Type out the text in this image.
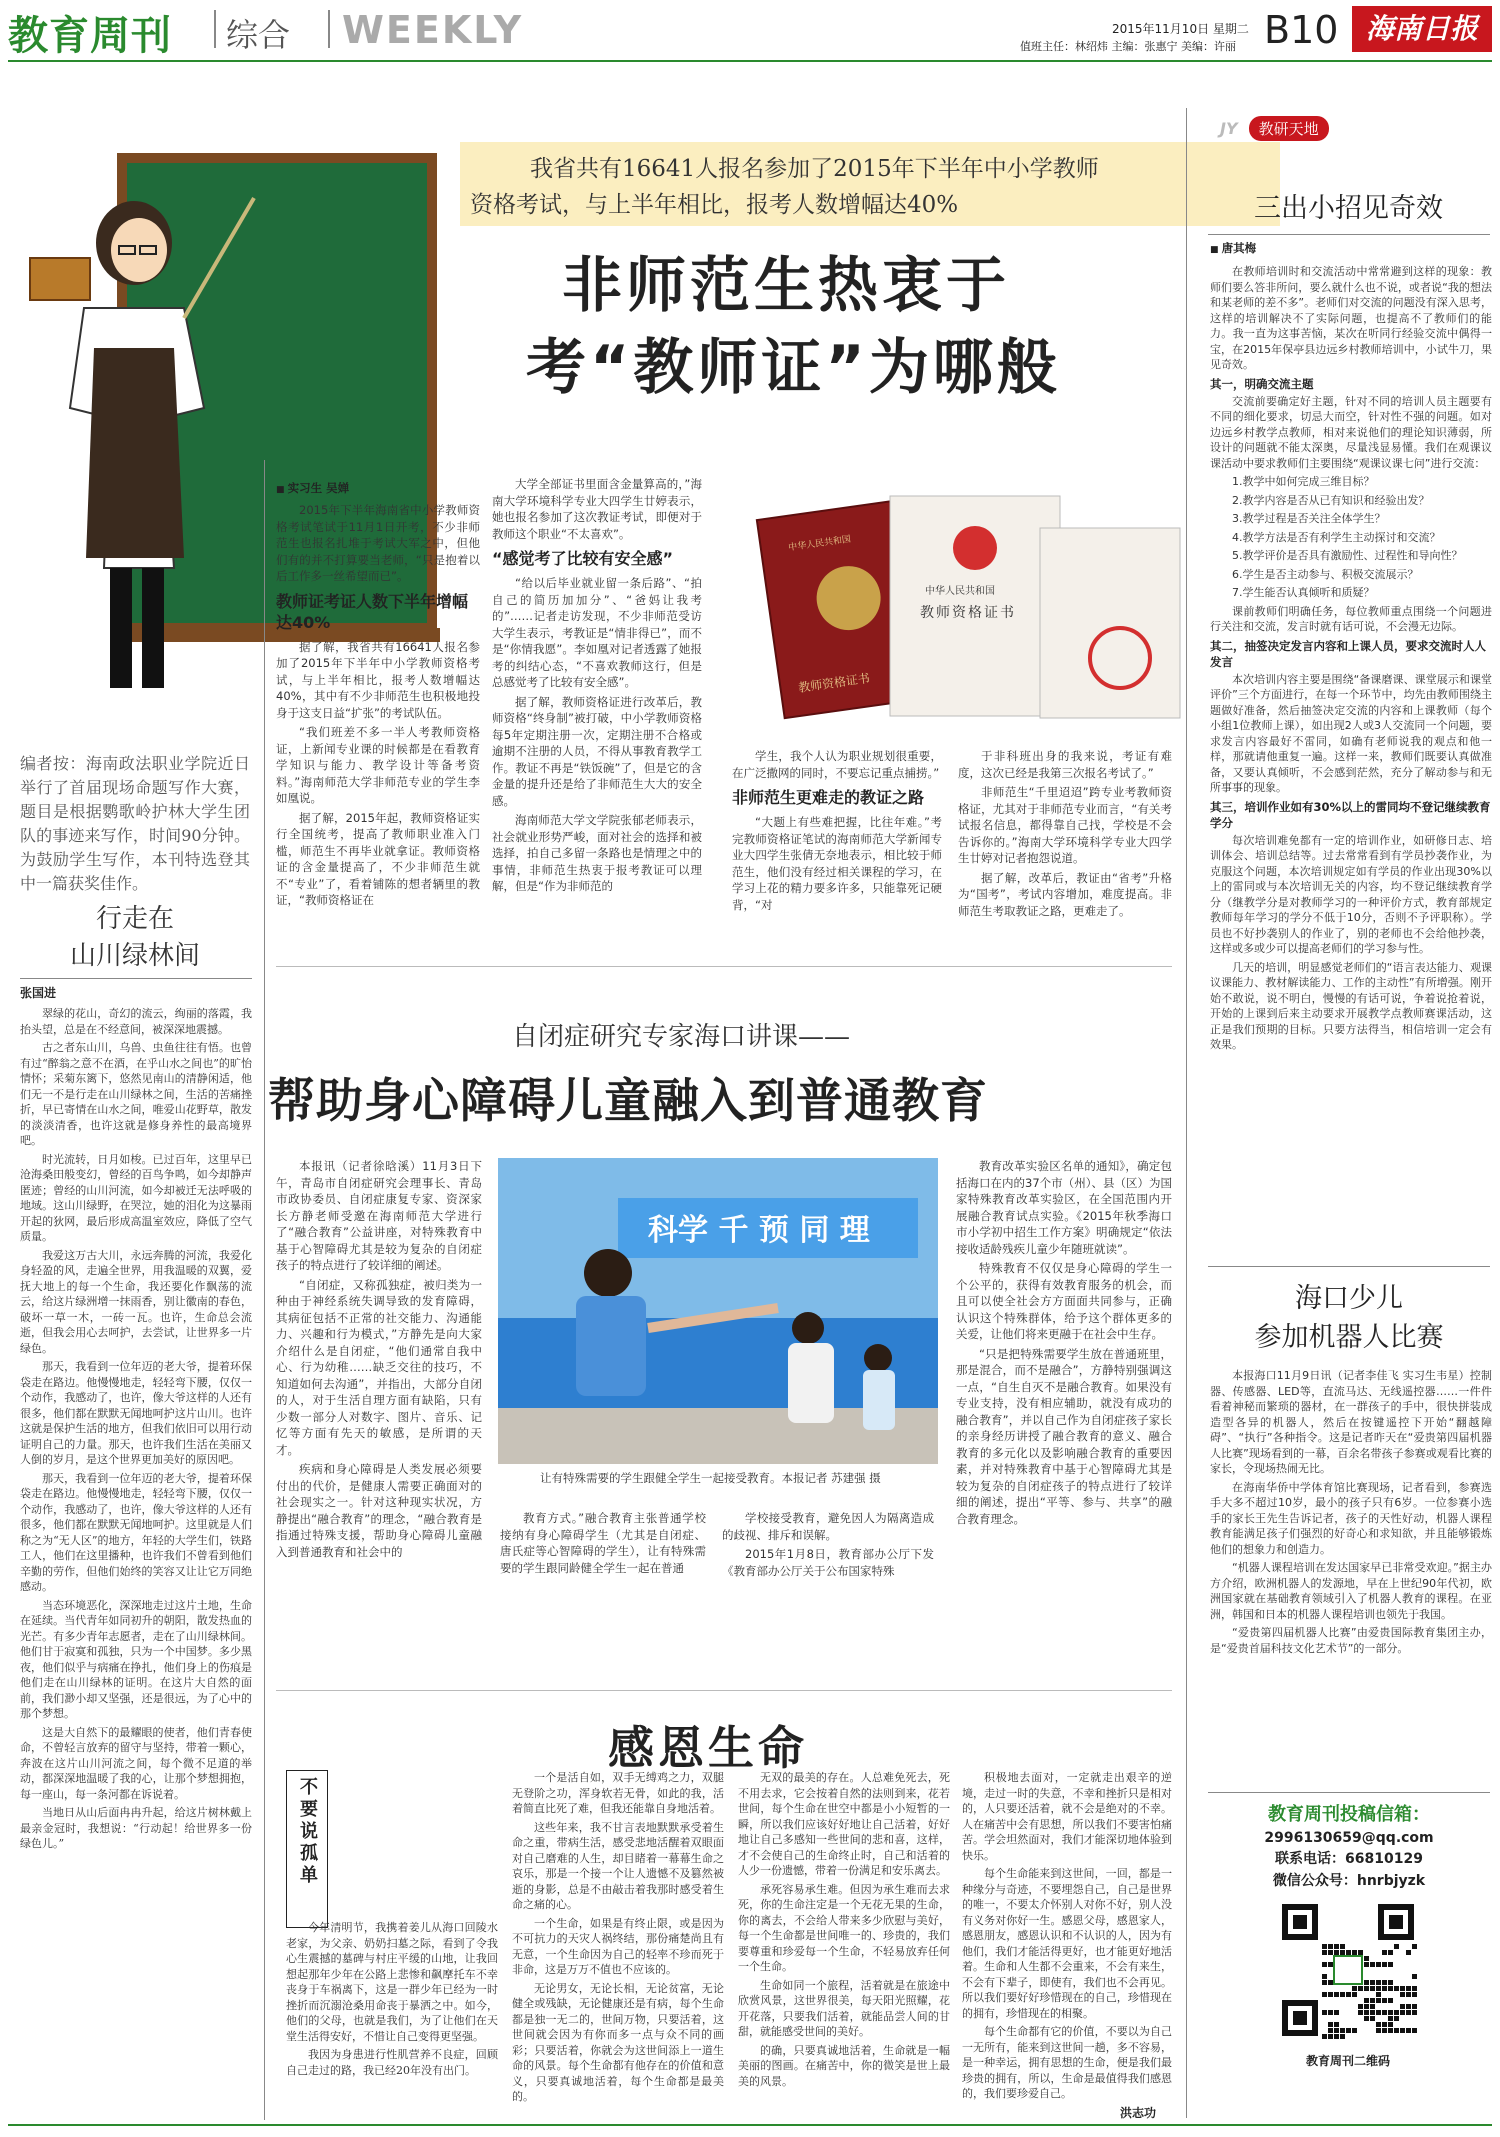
教育周刊 综合 WEEKLY	2015年11月10日 星期二
值班主任：林绍炜 主编：张惠宁 美编：许丽 B10 海南日报
编者按：海南政法职业学院近日举行了首届现场命题写作大赛，题目是根据鹦歌岭护林大学生团队的事迹来写作，时间90分钟。为鼓励学生写作，本刊特选登其中一篇获奖佳作。
行走在
山川绿林间
张国进

翠绿的花山，奇幻的流云，绚丽的落霞，我抬头望，总是在不经意间，被深深地震撼。

古之者东山川，乌兽、虫鱼往往有悟。也曾有过“醉翁之意不在酒，在乎山水之间也”的旷怡情怀；采菊东篱下，悠然见南山的清静闲适，他们无一不是行走在山川绿林之间，生活的苦痛挫折，早已寄情在山水之间，唯爱山花野草，散发的淡淡清香，也许这就是修身养性的最高境界吧。

时光流转，日月如梭。已过百年，这里早已沧海桑田般变幻，曾经的百鸟争鸣，如今却静声匿迹；曾经的山川河流，如今却被迁无法呼吸的地域。这山川绿野，在哭泣，她的泪化为这暴雨开起的狄网，最后形成高温室效应，降低了空气质量。

我爱这万古大川，永远奔腾的河流，我爱化身轻盈的风，走遍全世界，用我温暖的双翼，爱抚大地上的每一个生命，我还要化作飘荡的流云，给这片绿洲增一抹雨香，别让徽南的春色，破坏一草一木，一砖一瓦。也许，生命总会流逝，但我会用心去呵护，去尝试，让世界多一片绿色。

那天，我看到一位年迈的老大爷，提着环保袋走在路边。他慢慢地走，轻轻弯下腰，仅仅一个动作，我感动了，也许，像大爷这样的人还有很多，他们都在默默无闻地呵护这片山川。也许这就是保护生活的地方，但我们依旧可以用行动证明自己的力量。那天，也许我们生活在美丽又人倒的岁月，是这个世界更加美好的原因吧。

那天，我看到一位年迈的老大爷，提着环保袋走在路边。他慢慢地走，轻轻弯下腰，仅仅一个动作，我感动了，也许，像大爷这样的人还有很多，他们都在默默无闻地呵护。这里就是人们称之为“无人区”的地方，年轻的大学生们，铁路工人，他们在这里播种，也许我们不曾看到他们辛勤的劳作，但他们始终的笑容又让让它万同绝感动。

当态环境恶化，深深地走过这片土地，生命在延续。当代青年如同初升的朝阳，散发热血的光芒。有多少青年志愿者，走在了山川绿林间。他们甘于寂寞和孤独，只为一个中国梦。多少黑夜，他们似乎与病痛在挣扎，他们身上的伤痕是他们走在山川绿林的证明。在这片大自然的面前，我们渺小却又坚强，还是很远，为了心中的那个梦想。

这是大自然下的最耀眼的使者，他们青春使命，不曾轻言放弃的留守与坚持，带着一颗心，奔波在这片山川河流之间，每个微不足道的举动，都深深地温暖了我的心，让那个梦想拥抱，每一座山，每一条河都在诉说着。

当地日从山后面冉冉升起，给这片树林戴上最亲金冠时，我想说：“行动起！给世界多一份绿色儿。”

我省共有16641人报名参加了2015年下半年中小学教师
资格考试，与上半年相比，报考人数增幅达40%
非师范生热衷于
考“教师证”为哪般
■ 实习生 吴婵

2015年下半年海南省中小学教师资格考试笔试于11月1日开考，不少非师范生也报名扎堆于考试大军之中，但他们有的并不打算要当老师，“只是抱着以后工作多一丝希望而已”。

教师证考证人数下半年增幅达40%

据了解，我省共有16641人报名参加了2015年下半年中小学教师资格考试，与上半年相比，报考人数增幅达40%，其中有不少非师范生也积极地投身于这支日益“扩张”的考试队伍。

“我们班差不多一半人考教师资格证，上新闻专业课的时候都是在看教育学知识与能力、教学设计等备考资料。”海南师范大学非师范专业的学生李如凰说。

据了解，2015年起，教师资格证实行全国统考，提高了教师职业准入门槛，师范生不再毕业就拿证。教师资格证的含金量提高了，不少非师范生就不“专业”了，看着铺陈的想者辆里的教证，“教师资格证在

大学全部证书里面含金量算高的，”海南大学环境科学专业大四学生廿婷表示，她也报名参加了这次教证考试，即便对于教师这个职业“不太喜欢”。

“感觉考了比较有安全感”

“给以后毕业就业留一条后路”、“拍自己的简历加加分”、“爸妈让我考的”……记者走访发现，不少非师范受访大学生表示，考教证是“情非得已”，而不是“你情我愿”。李如凰对记者透露了她报考的纠结心态，“不喜欢教师这行，但是总感觉考了比较有安全感”。

据了解，教师资格证进行改革后，教师资格“终身制”被打破，中小学教师资格每5年定期注册一次，定期注册不合格或逾期不注册的人员，不得从事教育教学工作。教证不再是“铁饭碗”了，但是它的含金量的提升还是给了非师范生大大的安全感。

海南师范大学文学院张郁老师表示，社会就业形势严峻，面对社会的选择和被选择，拍自己多留一条路也是情理之中的事情，非师范生热衷于报考教证可以理解，但是“作为非师范的

中华人民共和国
教师资格证书
中华人民共和国
教师资格证书

学生，我个人认为职业规划很重要，在广泛撒网的同时，不要忘记重点捕捞。”

非师范生更难走的教证之路

“大题上有些难把握，比往年难。”考完教师资格证笔试的海南师范大学新闻专业大四学生张倩无奈地表示，相比较于师范生，他们没有经过相关课程的学习，在学习上花的精力要多许多，只能靠死记硬背，“对

于非科班出身的我来说，考证有难度，这次已经是我第三次报名考试了。”

非师范生“千里迢迢”跨专业考教师资格证，尤其对于非师范专业而言，“有关考试报名信息，都得靠自己找，学校是不会告诉你的。”海南大学环境科学专业大四学生廿婷对记者抱怨说道。

据了解，改革后，教证由“省考”升格为“国考”，考试内容增加，难度提高。非师范生考取教证之路，更难走了。

自闭症研究专家海口讲课——
帮助身心障碍儿童融入到普通教育

本报讯（记者徐晗溪）11月3日下午，青岛市自闭症研究会理事长、青岛市政协委员、自闭症康复专家、资深家长方静老师受邀在海南师范大学进行了“融合教育”公益讲座，对特殊教育中基于心智障碍尤其是较为复杂的自闭症孩子的特点进行了较详细的阐述。

“自闭症，又称孤独症，被归类为一种由于神经系统失调导致的发育障碍，其病征包括不正常的社交能力、沟通能力、兴趣和行为模式，”方静先是向大家介绍什么是自闭症，“他们通常自我中心、行为幼稚……缺乏交往的技巧，不知道如何去沟通”，并指出，大部分自闭的人，对于生活自理方面有缺陷，只有少数一部分人对数字、图片、音乐、记忆等方面有先天的敏感，是所谓的天才。

疾病和身心障碍是人类发展必须要付出的代价，是健康人需要正确面对的社会现实之一。针对这种现实状况，方静提出“融合教育”的理念，“融合教育是指通过特殊支援，帮助身心障碍儿童融入到普通教育和社会中的

科学 千 预 同 理
让有特殊需要的学生跟健全学生一起接受教育。本报记者 苏建强 摄

教育方式。”融合教育主张普通学校接纳有身心障碍学生（尤其是自闭症、唐氏症等心智障碍的学生），让有特殊需要的学生跟同龄健全学生一起在普通

学校接受教育，避免因人为隔离造成的歧视、排斥和误解。

2015年1月8日，教育部办公厅下发《教育部办公厅关于公布国家特殊

教育改革实验区名单的通知》，确定包括海口在内的37个市（州）、县（区）为国家特殊教育改革实验区，在全国范围内开展融合教育试点实验。《2015年秋季海口市小学初中招生工作方案》明确规定“依法接收适龄残疾儿童少年随班就读”。

特殊教育不仅仅是身心障碍的学生一个公平的，获得有效教育服务的机会，而且可以使全社会方方面面共同参与，正确认识这个特殊群体，给予这个群体更多的关爱，让他们将来更融于在社会中生存。

“只是把特殊需要学生放在普通班里，那是混合，而不是融合”，方静特别强调这一点，“自生自灭不是融合教育。如果没有专业支持，没有相应辅助，就没有成功的融合教育”，并以自己作为自闭症孩子家长的亲身经历讲授了融合教育的意义、融合教育的多元化以及影响融合教育的重要因素，并对特殊教育中基于心智障碍尤其是较为复杂的自闭症孩子的特点进行了较详细的阐述，提出“平等、参与、共享”的融合教育理念。

感恩生命
不要说孤单

今年清明节，我携着姜儿从海口回陵水老家，为父亲、奶奶扫墓之际，看到了令我心生震撼的墓碑与村庄平缓的山地，让我回想起那年少年在公路上悲惨和飙摩托车不幸丧身于车祸离下，这是一群少年已经为一时挫折而沉溺沧桑用命丧于暴洒之中。如今，他们的父母，也就是我们，为了让他们在天堂生活得安好，不惜让自己变得更坚强。

我因为身患进行性肌营养不良症，回顾自己走过的路，我已经20年没有出门。

一个是活自如，双手无缚鸡之力，双腿无登阶之功，浑身软若无骨，如此的我，活着简直比死了难，但我还能靠自身地活着。

这些年来，我不甘言表地默默承受着生命之重，带病生活，感受悲地活醒着双眼面对自己磨难的人生，却目睹着一幕幕生命之哀乐，那是一个接一个让人遗憾不及篡然被逝的身影，总是不由敲击着我那时感受着生命之痛的心。

一个生命，如果是有终止限，或是因为不可抗力的天灾人祸终结，那份痛楚尚且有无意，一个生命因为自己的轻率不珍而死于非命，这是万万不值也不应该的。

无论男女，无论长相，无论贫富，无论健全或残缺，无论健康还是有病，每个生命都是独一无二的，世间万物，只要活着，这世间就会因为有你而多一点与众不同的画彩；只要活着，你就会为这世间添上一道生命的风景。每个生命都有他存在的价值和意义，只要真诚地活着，每个生命都是最美的。

无双的最美的存在。人总难免死去，死不用去求，它会按着自然的法则到来，花若世间，每个生命在世空中都是小小短暂的一瞬，所以我们应该好好地让自己活着，好好地让自己多感知一些世间的悲和喜，这样，才不会使自己的生命终止时，自己和活着的人少一份遗憾，带着一份满足和安乐离去。

承死容易承生难。但因为承生难而去求死，你的生命注定是一个无花无果的生命，你的离去，不会给人带来多少欣慰与美好，每一个生命都是世间唯一的、珍贵的，我们要尊重和珍爱每一个生命，不轻易放弃任何一个生命。

生命如同一个旅程，活着就是在旅途中欣赏风景，这世界很美，每天阳光照耀，花开花落，只要我们活着，就能品尝人间的甘甜，就能感受世间的美好。

的确，只要真诚地活着，生命就是一幅美丽的图画。在痛苦中，你的微笑是世上最美的风景。

积极地去面对，一定就走出艰辛的逆境，走过一时的失意，不幸和挫折只是相对的，人只要还活着，就不会是绝对的不幸。人在痛苦中会有思想，所以我们不要害怕痛苦。学会坦然面对，我们才能深切地体验到快乐。

每个生命能来到这世间，一回，都是一种缘分与奇迹，不要埋怨自己，自己是世界的唯一，不要太介怀别人对你不好，别人没有义务对你好一生。感恩父母，感恩家人，感恩朋友，感恩认识和不认识的人，因为有他们，我们才能活得更好，也才能更好地活着。生命和人生都不会重来，不会有来生，不会有下辈子，即使有，我们也不会再见。所以我们要好好珍惜现在的自己，珍惜现在的拥有，珍惜现在的相聚。

每个生命都有它的价值，不要以为自己一无所有，能来到这世间一趟，多不容易，是一种幸运，拥有思想的生命，便是我们最珍贵的拥有，所以，生命是最值得我们感恩的，我们要珍爱自己。

洪志功
JY 教研天地
三出小招见奇效
■ 唐其梅

在教师培训时和交流活动中常常避到这样的现象：教师们要么答非所问，要么就什么也不说，或者说“我的想法和某老师的差不多”。老师们对交流的问题没有深入思考，这样的培训解决不了实际问题，也提高不了教师们的能力。我一直为这事苦恼，某次在听同行经验交流中偶得一宝，在2015年保亭县边远乡村教师培训中，小试牛刀，果见奇效。

其一，明确交流主题

交流前要确定好主题，针对不同的培训人员主题要有不同的细化要求，切忌大而空，针对性不强的问题。如对边远乡村教学点教师，相对来说他们的理论知识薄弱，所设计的问题就不能太深奥，尽量浅显易懂。我们在观课议课活动中要求教师们主要围绕“观课议课七问”进行交流：

1.教学中如何完成三维目标？

2.教学内容是否从已有知识和经验出发？

3.教学过程是否关注全体学生？

4.教学方法是否有利学生主动探讨和交流？

5.教学评价是否具有激励性、过程性和导向性？

6.学生是否主动参与、积极交流展示？

7.学生能否认真倾听和质疑？

课前教师们明确任务，每位教师重点围绕一个问题进行关注和交流，发言时就有话可说，不会漫无边际。

其二，抽签决定发言内容和上课人员，要求交流时人人发言

本次培训内容主要是围绕“备课磨课、课堂展示和课堂评价”三个方面进行，在每一个环节中，均先由教师围绕主题做好准备，然后抽签决定交流的内容和上课教师（每个小组1位教师上课），如出现2人或3人交流同一个问题，要求发言内容最好不雷同，如确有老师说我的观点和他一样，那就请他重复一遍。这样一来，教师们既要认真做准备，又要认真倾听，不会感到茫然，充分了解动参与和无所事事的现象。

其三，培训作业如有30%以上的雷同均不登记继续教育学分

每次培训难免都有一定的培训作业，如研修日志、培训体会、培训总结等。过去常常看到有学员抄袭作业，为克服这个问题，本次培训规定如有学员的作业出现30%以上的雷同或与本次培训无关的内容，均不登记继续教育学分（继教学分是对教师学习的一种评价方式，教育部规定教师每年学习的学分不低于10分，否则不予评职称）。学员也不好抄袭别人的作业了，别的老师也不会给他抄袭，这样或多或少可以提高老师们的学习参与性。

几天的培训，明显感觉老师们的“语言表达能力、观课议课能力、教材解读能力、工作的主动性”有所增强。刚开始不敢说，说不明白，慢慢的有话可说，争着说抢着说，开始的上课到后来主动要求开展教学点教师赛课活动，这正是我们预期的目标。只要方法得当，相信培训一定会有效果。

海口少儿
参加机器人比赛

本报海口11月9日讯（记者李佳飞 实习生韦星）控制器、传感器、LED等，直流马达、无线遥控器……一件件看着神秘而繁琐的器材，在一群孩子的手中，很快拼装成造型各异的机器人，然后在按键遥控下开始“翻越障碍”、“执行”各种指令。这是记者昨天在“爱贵第四届机器人比赛”现场看到的一幕，百余名带孩子参赛或观看比赛的家长，令现场热闹无比。

在海南华侨中学体育馆比赛现场，记者看到，参赛选手大多不超过10岁，最小的孩子只有6岁。一位参赛小选手的家长王先生告诉记者，孩子的天性好动，机器人课程教育能满足孩子们强烈的好奇心和求知欲，并且能够锻炼他们的想象力和创造力。

“机器人课程培训在发达国家早已非常受欢迎。”据主办方介绍，欧洲机器人的发源地，早在上世纪90年代初，欧洲国家就在基础教育领域引入了机器人教育的课程。在亚洲，韩国和日本的机器人课程培训也领先于我国。

“爱贵第四届机器人比赛”由爱贵国际教育集团主办，是“爱贵首届科技文化艺术节”的一部分。

教育周刊投稿信箱：
2996130659@qq.com
联系电话：66810129
微信公众号：hnrbjyzk
教育周刊二维码
